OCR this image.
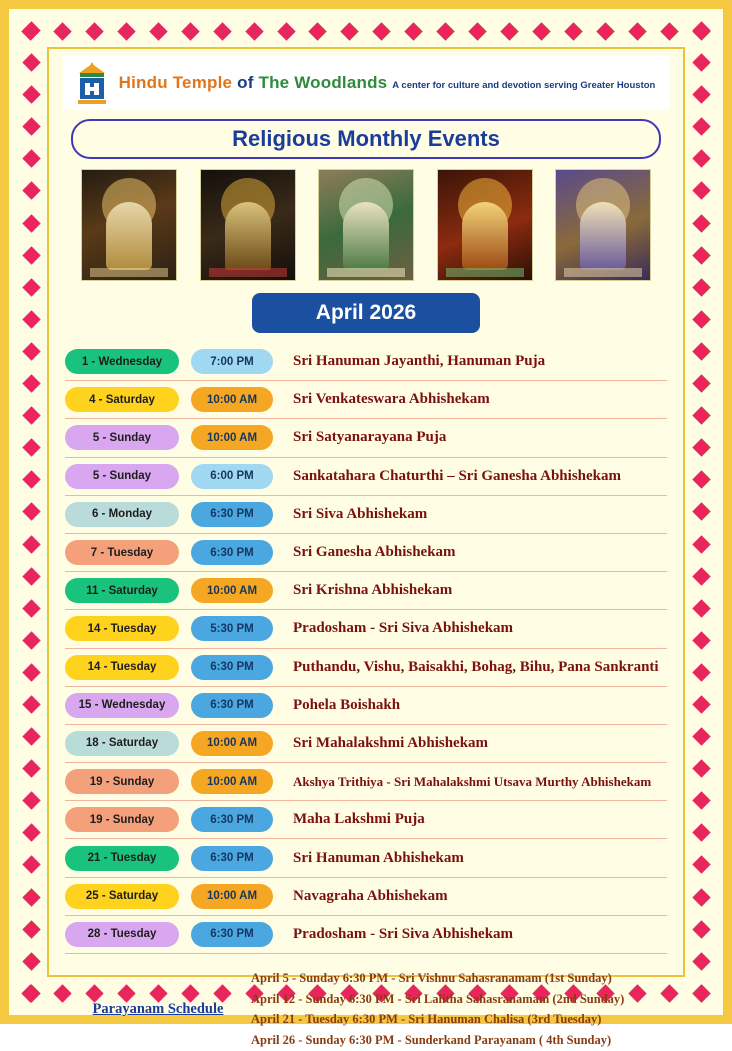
Hindu Temple of The Woodlands A center for culture and devotion serving Greater Houston
Religious Monthly Events
April 2026
1 - Wednesday	7:00 PM	Sri Hanuman Jayanthi, Hanuman Puja
4 - Saturday	10:00 AM	Sri Venkateswara Abhishekam
5 - Sunday	10:00 AM	Sri Satyanarayana Puja
5 - Sunday	6:00 PM	Sankatahara Chaturthi – Sri Ganesha Abhishekam
6 - Monday	6:30 PM	Sri Siva Abhishekam
7 - Tuesday	6:30 PM	Sri Ganesha Abhishekam
11 - Saturday	10:00 AM	Sri Krishna Abhishekam
14 - Tuesday	5:30 PM	Pradosham - Sri Siva Abhishekam
14 - Tuesday	6:30 PM	Puthandu, Vishu, Baisakhi, Bohag, Bihu, Pana Sankranti
15 - Wednesday	6:30 PM	Pohela Boishakh
18 - Saturday	10:00 AM	Sri Mahalakshmi Abhishekam
19 - Sunday	10:00 AM	Akshya Trithiya - Sri Mahalakshmi Utsava Murthy Abhishekam
19 - Sunday	6:30 PM	Maha Lakshmi Puja
21 - Tuesday	6:30 PM	Sri Hanuman Abhishekam
25 - Saturday	10:00 AM	Navagraha Abhishekam
28 - Tuesday	6:30 PM	Pradosham - Sri Siva Abhishekam
Parayanam Schedule
April 5 - Sunday 6:30 PM - Sri Vishnu Sahasranamam (1st Sunday)
April 12 - Sunday 6:30 PM - Sri Lalitha Sahasranamam (2nd Sunday)
April 21 - Tuesday 6:30 PM - Sri Hanuman Chalisa (3rd Tuesday)
April 26 - Sunday 6:30 PM - Sunderkand Parayanam ( 4th Sunday)
